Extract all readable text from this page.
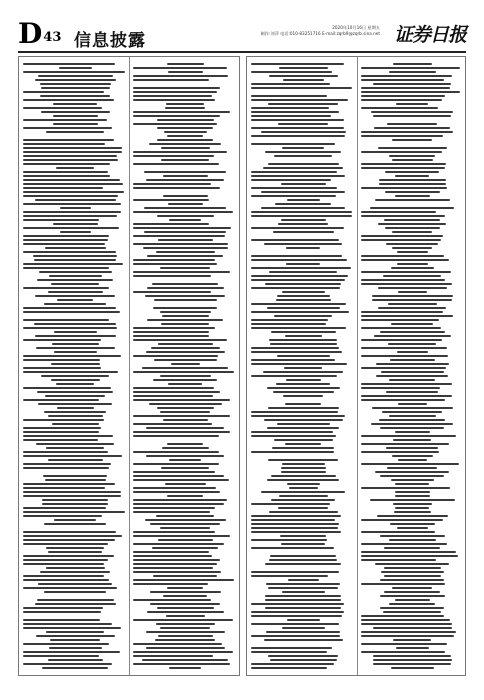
D43 信息披露
2020年10月16日 星期五
制作:刘萍 电话:010-83251716 E-mail:zqrb9@zqrb.sina.net 证券日报
